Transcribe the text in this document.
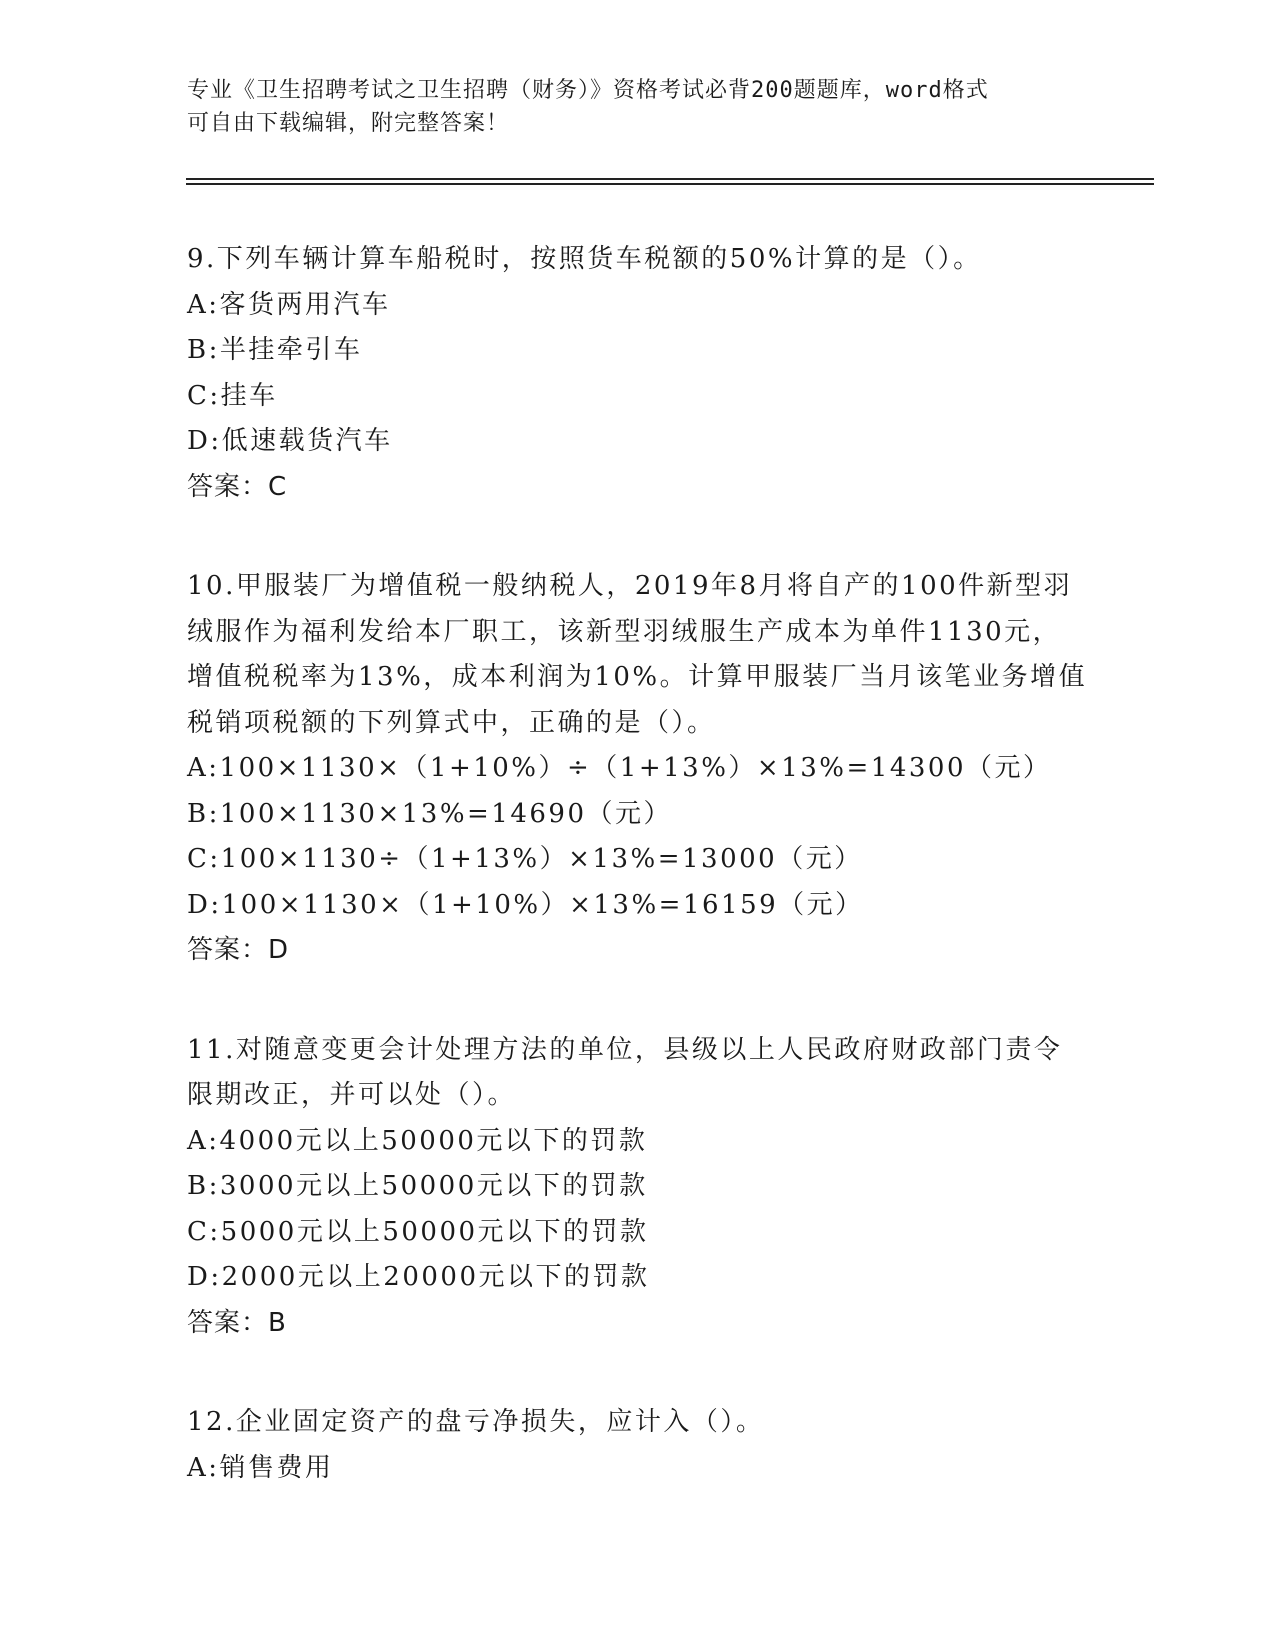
专业《卫生招聘考试之卫生招聘（财务）》资格考试必背200题题库，word格式

可自由下载编辑，附完整答案！

9.下列车辆计算车船税时，按照货车税额的50%计算的是（）。

A:客货两用汽车

B:半挂牵引车

C:挂车

D:低速载货汽车

答案：C

10.甲服装厂为增值税一般纳税人，2019年8月将自产的100件新型羽

绒服作为福利发给本厂职工，该新型羽绒服生产成本为单件1130元，

增值税税率为13%，成本利润为10%。计算甲服装厂当月该笔业务增值

税销项税额的下列算式中，正确的是（）。

A:100×1130×（1+10%）÷（1+13%）×13%=14300（元）

B:100×1130×13%=14690（元）

C:100×1130÷（1+13%）×13%=13000（元）

D:100×1130×（1+10%）×13%=16159（元）

答案：D

11.对随意变更会计处理方法的单位，县级以上人民政府财政部门责令

限期改正，并可以处（）。

A:4000元以上50000元以下的罚款

B:3000元以上50000元以下的罚款

C:5000元以上50000元以下的罚款

D:2000元以上20000元以下的罚款

答案：B

12.企业固定资产的盘亏净损失，应计入（）。

A:销售费用
